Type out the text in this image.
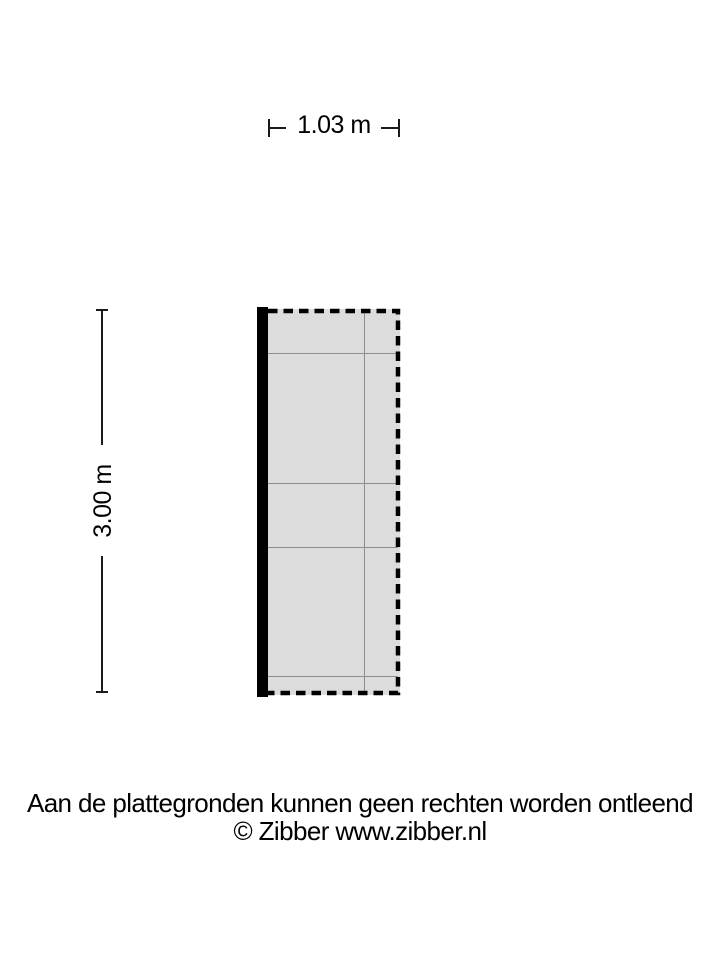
1.03 m
3.00 m
Aan de plattegronden kunnen geen rechten worden ontleend
© Zibber www.zibber.nl
